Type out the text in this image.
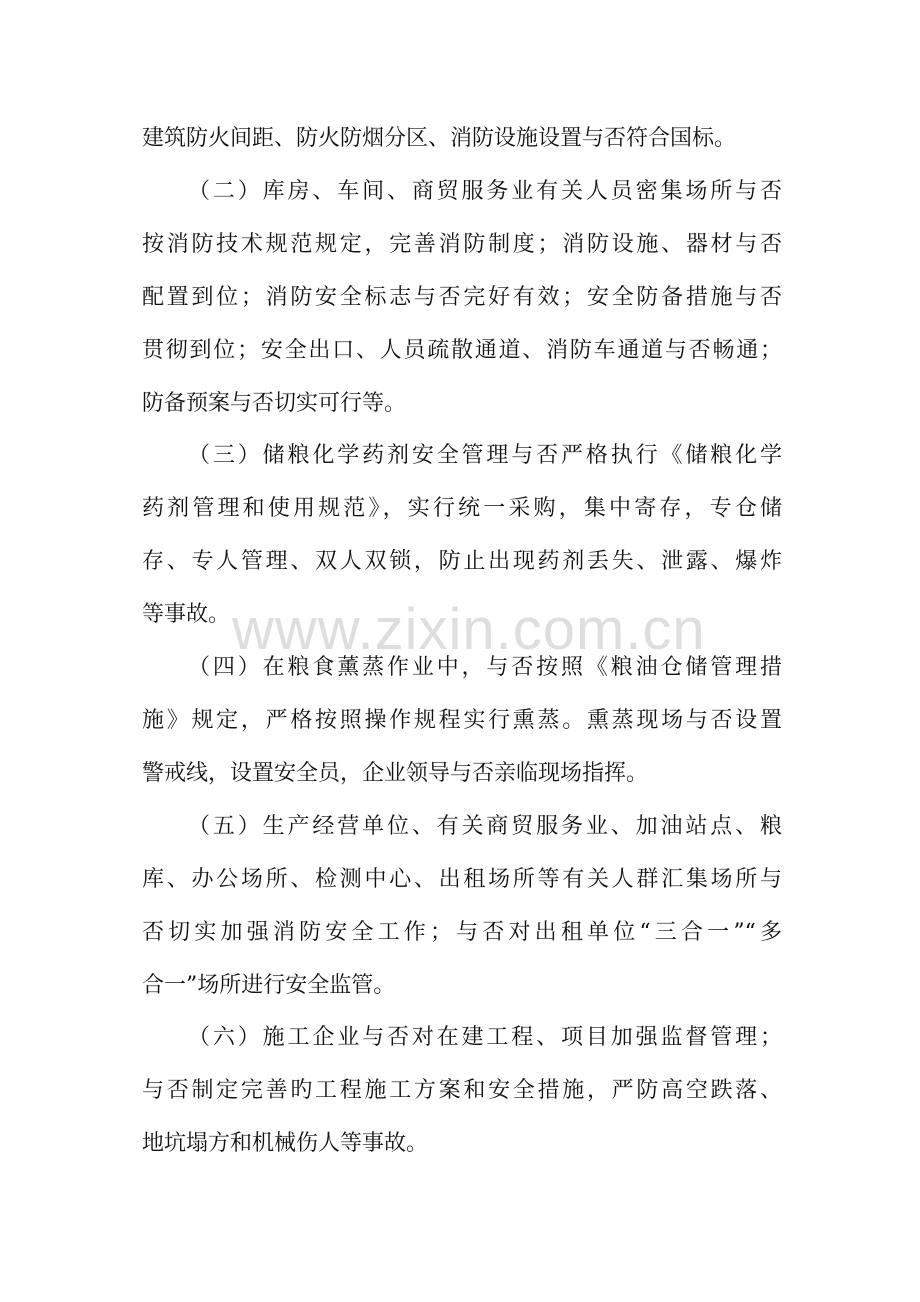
www.zixin.com.cn
建筑防火间距、防火防烟分区、消防设施设置与否符合国标。
（二）库房、车间、商贸服务业有关人员密集场所与否
按消防技术规范规定，完善消防制度；消防设施、器材与否
配置到位；消防安全标志与否完好有效；安全防备措施与否
贯彻到位；安全出口、人员疏散通道、消防车通道与否畅通；
防备预案与否切实可行等。
（三）储粮化学药剂安全管理与否严格执行《储粮化学
药剂管理和使用规范》，实行统一采购，集中寄存，专仓储
存、专人管理、双人双锁，防止出现药剂丢失、泄露、爆炸
等事故。
（四）在粮食薰蒸作业中，与否按照《粮油仓储管理措
施》规定，严格按照操作规程实行熏蒸。熏蒸现场与否设置
警戒线，设置安全员，企业领导与否亲临现场指挥。
（五）生产经营单位、有关商贸服务业、加油站点、粮
库、办公场所、检测中心、出租场所等有关人群汇集场所与
否切实加强消防安全工作；与否对出租单位“三合一”“多
合一”场所进行安全监管。
（六）施工企业与否对在建工程、项目加强监督管理；
与否制定完善旳工程施工方案和安全措施，严防高空跌落、
地坑塌方和机械伤人等事故。
